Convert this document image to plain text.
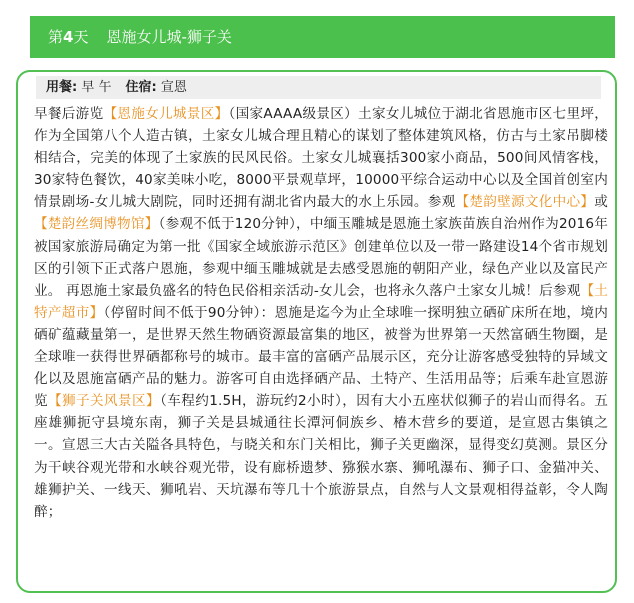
第4天 恩施女儿城-狮子关
用餐: 早 午 住宿: 宣恩
早餐后游览【恩施女儿城景区】（国家AAAA级景区）土家女儿城位于湖北省恩施市区七里坪，作为全国第八个人造古镇，土家女儿城合理且精心的谋划了整体建筑风格，仿古与土家吊脚楼相结合，完美的体现了土家族的民风民俗。土家女儿城襄括300家小商品，500间风情客栈，30家特色餐饮，40家美味小吃，8000平景观草坪，10000平综合运动中心以及全国首创室内情景剧场-女儿城大剧院，同时还拥有湖北省内最大的水上乐园。参观【楚韵壁源文化中心】或【楚韵丝绸博物馆】（参观不低于120分钟），中缅玉雕城是恩施土家族苗族自治州作为2016年被国家旅游局确定为第一批《国家全域旅游示范区》创建单位以及一带一路建设14个省市规划区的引领下正式落户恩施，参观中缅玉雕城就是去感受恩施的朝阳产业，绿色产业以及富民产业。 再恩施土家最负盛名的特色民俗相亲活动-女儿会，也将永久落户土家女儿城！后参观【土特产超市】（停留时间不低于90分钟）：恩施是迄今为止全球唯一探明独立硒矿床所在地，境内硒矿蕴藏量第一，是世界天然生物硒资源最富集的地区，被誉为世界第一天然富硒生物圈，是全球唯一获得世界硒都称号的城市。最丰富的富硒产品展示区，充分让游客感受独特的异域文化以及恩施富硒产品的魅力。游客可自由选择硒产品、土特产、生活用品等；后乘车赴宣恩游览【狮子关风景区】（车程约1.5H，游玩约2小时），因有大小五座状似狮子的岩山而得名。五座雄狮扼守县境东南，狮子关是县城通往长潭河侗族乡、椿木营乡的要道，是宣恩古集镇之一。宣恩三大古关隘各具特色，与晓关和东门关相比，狮子关更幽深，显得变幻莫测。景区分为干峡谷观光带和水峡谷观光带，设有廊桥遗梦、猕猴水寨、狮吼瀑布、狮子口、金猫冲关、雄狮护关、一线天、狮吼岩、天坑瀑布等几十个旅游景点，自然与人文景观相得益彰，令人陶醉；
